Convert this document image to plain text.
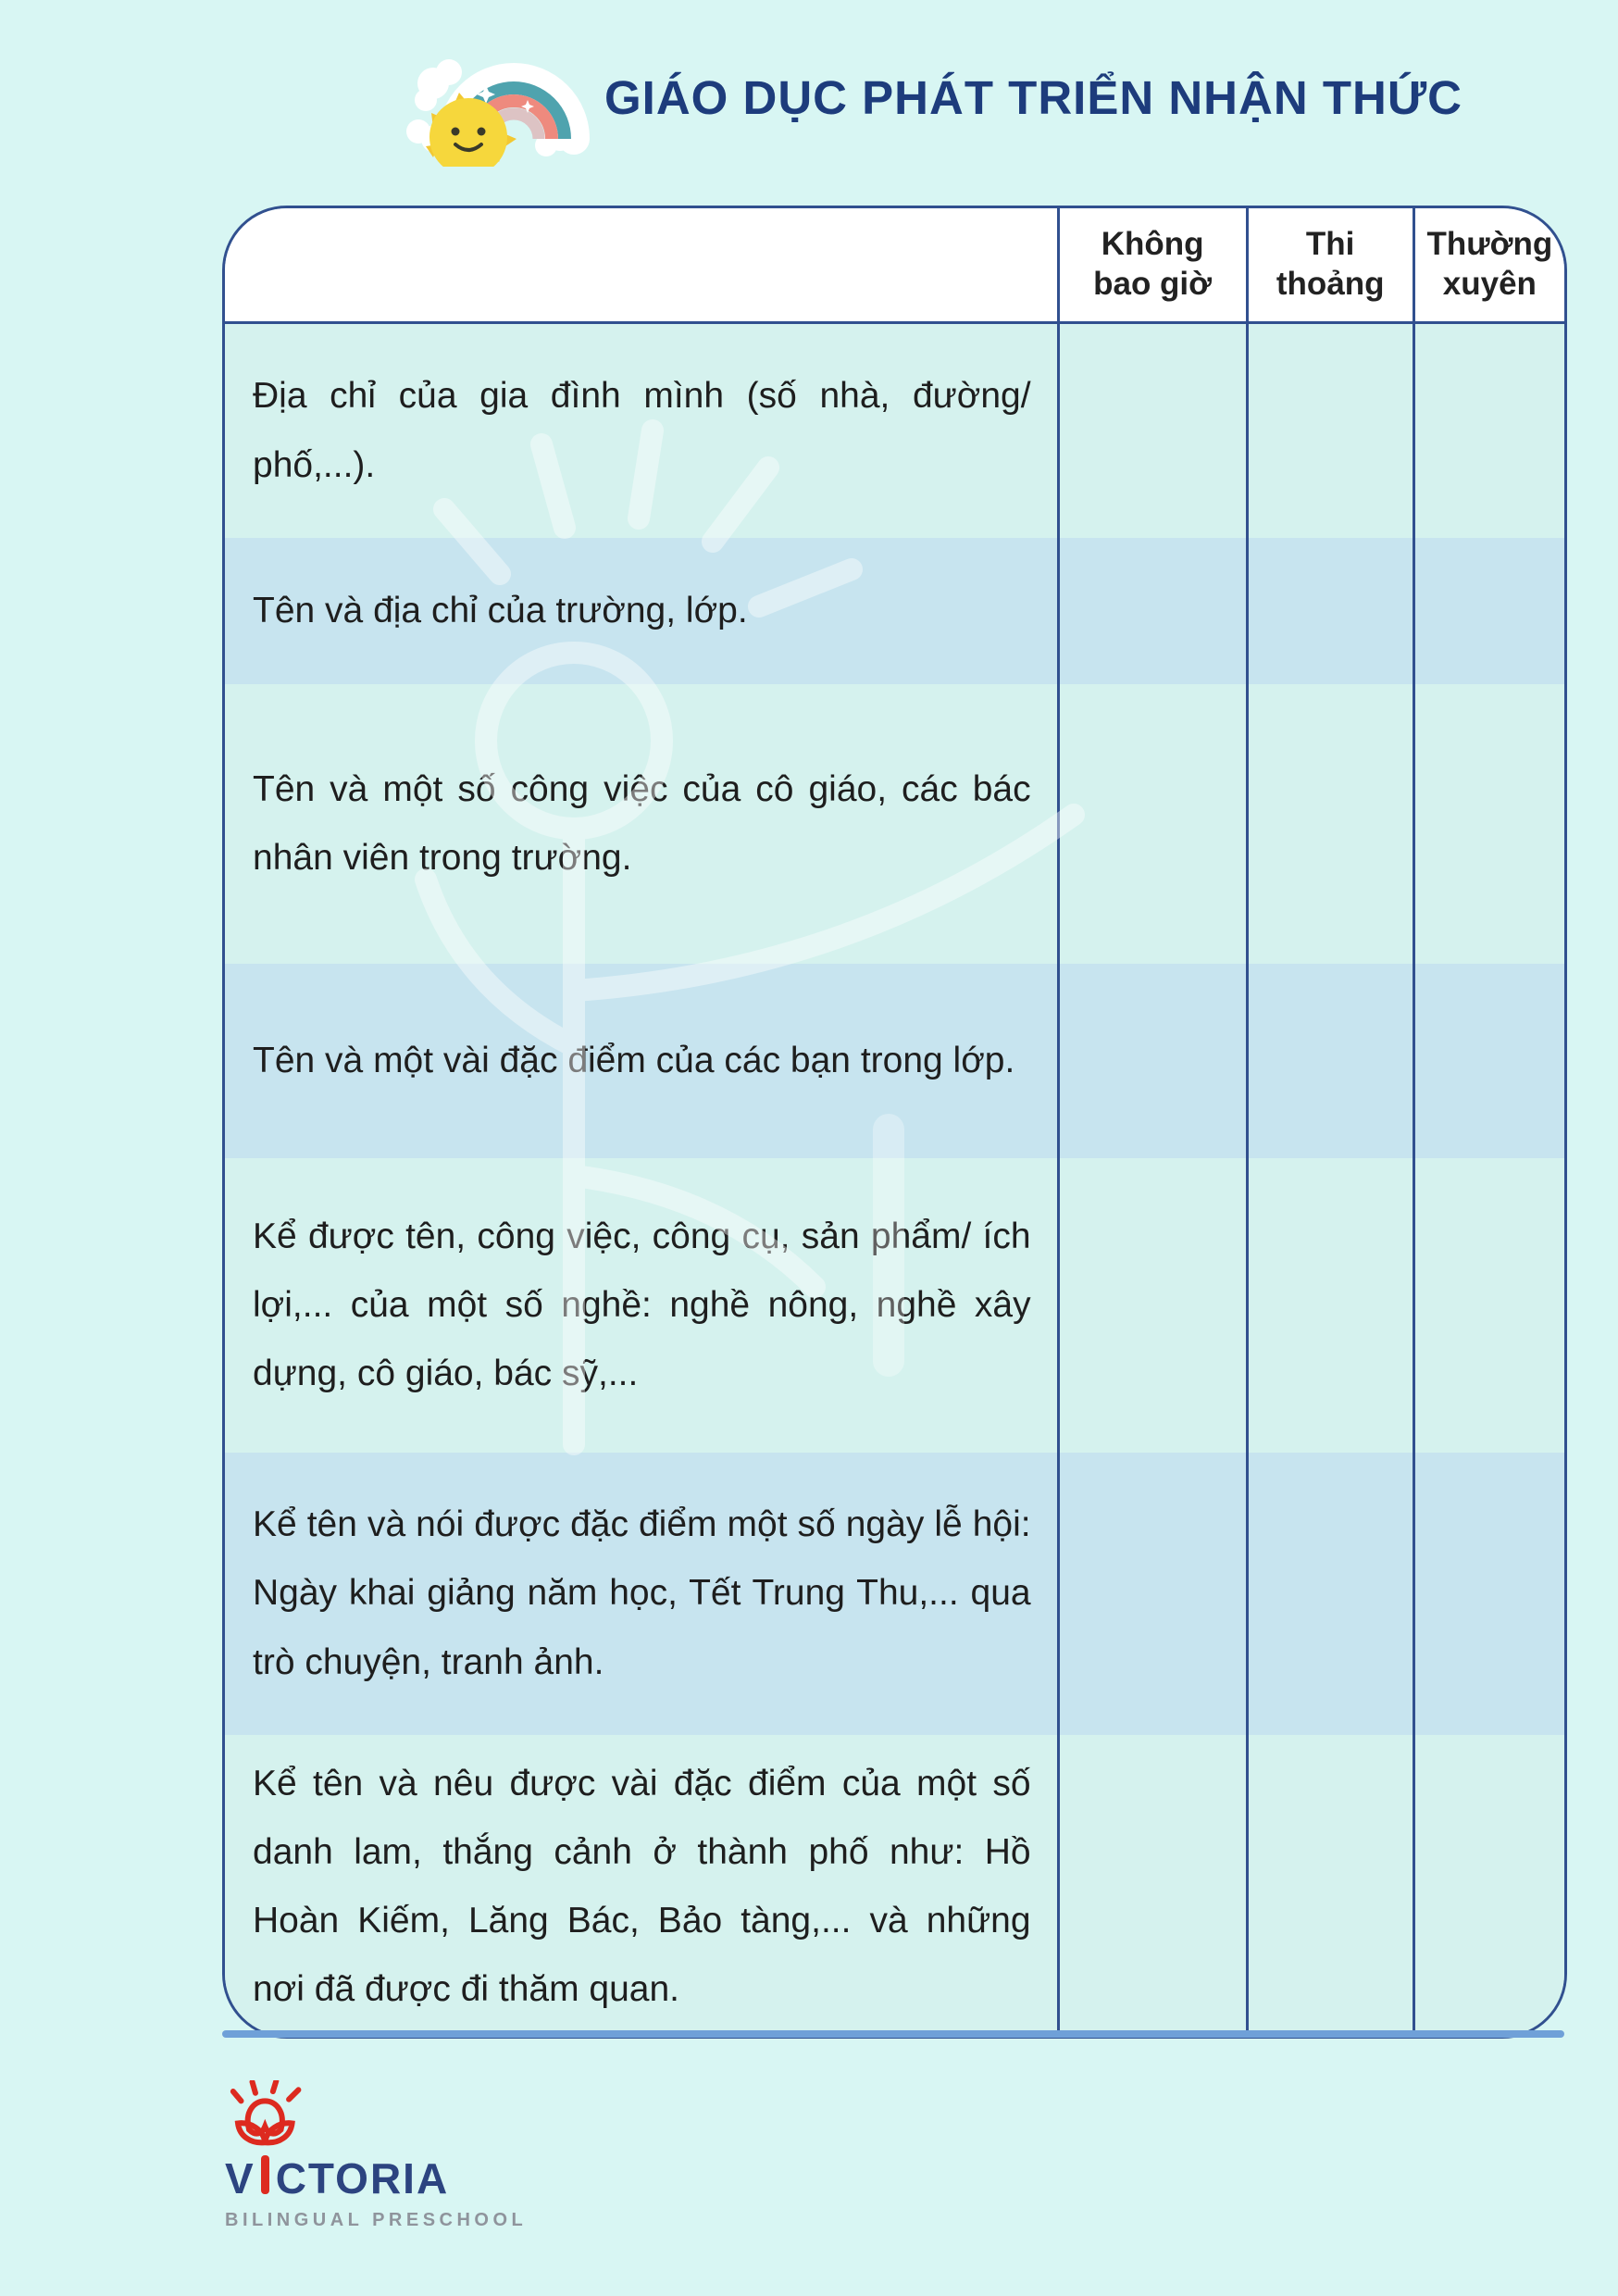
GIÁO DỤC PHÁT TRIỂN NHẬN THỨC
Không bao giờ
Thi thoảng
Thường xuyên

Địa chỉ của gia đình mình (số nhà, đường/ phố,...).

Tên và địa chỉ của trường, lớp.

Tên và một số công việc của cô giáo, các bác nhân viên trong trường.

Tên và một vài đặc điểm của các bạn trong lớp.

Kể được tên, công việc, công cụ, sản phẩm/ ích lợi,... của một số nghề: nghề nông, nghề xây dựng, cô giáo, bác sỹ,...

Kể tên và nói được đặc điểm một số ngày lễ hội: Ngày khai giảng năm học, Tết Trung Thu,... qua trò chuyện, tranh ảnh.

Kể tên và nêu được vài đặc điểm của một số danh lam, thắng cảnh ở thành phố như: Hồ Hoàn Kiếm, Lăng Bác, Bảo tàng,... và những nơi đã được đi thăm quan.

V CTORIA
BILINGUAL PRESCHOOL
